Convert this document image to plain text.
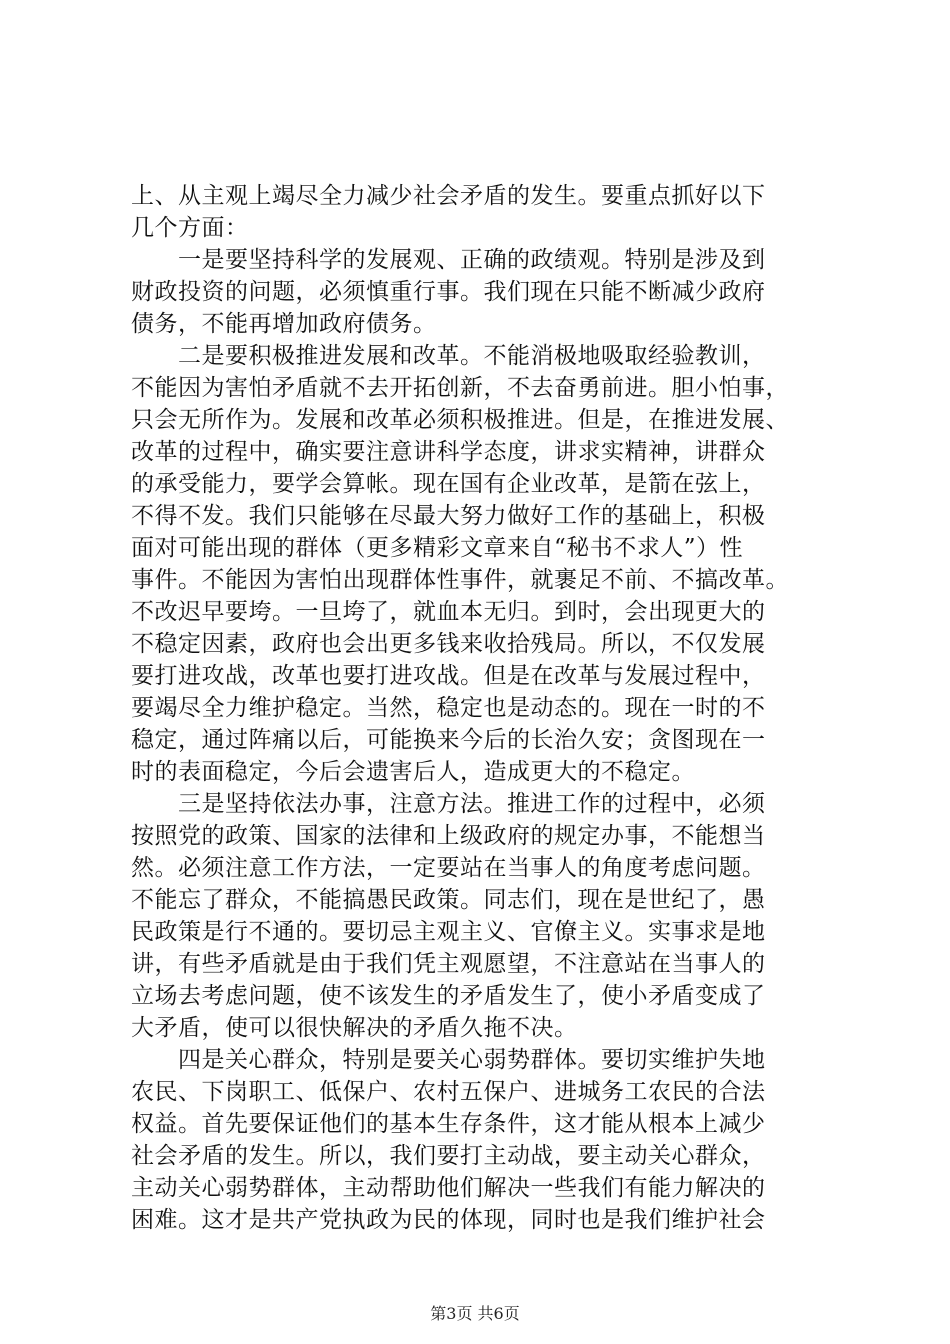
上、从主观上竭尽全力减少社会矛盾的发生。要重点抓好以下
几个方面：
　　一是要坚持科学的发展观、正确的政绩观。特别是涉及到
财政投资的问题，必须慎重行事。我们现在只能不断减少政府
债务，不能再增加政府债务。
　　二是要积极推进发展和改革。不能消极地吸取经验教训，
不能因为害怕矛盾就不去开拓创新，不去奋勇前进。胆小怕事，
只会无所作为。发展和改革必须积极推进。但是，在推进发展、
改革的过程中，确实要注意讲科学态度，讲求实精神，讲群众
的承受能力，要学会算帐。现在国有企业改革，是箭在弦上，
不得不发。我们只能够在尽最大努力做好工作的基础上，积极
面对可能出现的群体（更多精彩文章来自“秘书不求人”）性
事件。不能因为害怕出现群体性事件，就裹足不前、不搞改革。
不改迟早要垮。一旦垮了，就血本无归。到时，会出现更大的
不稳定因素，政府也会出更多钱来收拾残局。所以，不仅发展
要打进攻战，改革也要打进攻战。但是在改革与发展过程中，
要竭尽全力维护稳定。当然，稳定也是动态的。现在一时的不
稳定，通过阵痛以后，可能换来今后的长治久安；贪图现在一
时的表面稳定，今后会遗害后人，造成更大的不稳定。
　　三是坚持依法办事，注意方法。推进工作的过程中，必须
按照党的政策、国家的法律和上级政府的规定办事，不能想当
然。必须注意工作方法，一定要站在当事人的角度考虑问题。
不能忘了群众，不能搞愚民政策。同志们，现在是世纪了，愚
民政策是行不通的。要切忌主观主义、官僚主义。实事求是地
讲，有些矛盾就是由于我们凭主观愿望，不注意站在当事人的
立场去考虑问题，使不该发生的矛盾发生了，使小矛盾变成了
大矛盾，使可以很快解决的矛盾久拖不决。
　　四是关心群众，特别是要关心弱势群体。要切实维护失地
农民、下岗职工、低保户、农村五保户、进城务工农民的合法
权益。首先要保证他们的基本生存条件，这才能从根本上减少
社会矛盾的发生。所以，我们要打主动战，要主动关心群众，
主动关心弱势群体，主动帮助他们解决一些我们有能力解决的
困难。这才是共产党执政为民的体现，同时也是我们维护社会
第3页 共6页
